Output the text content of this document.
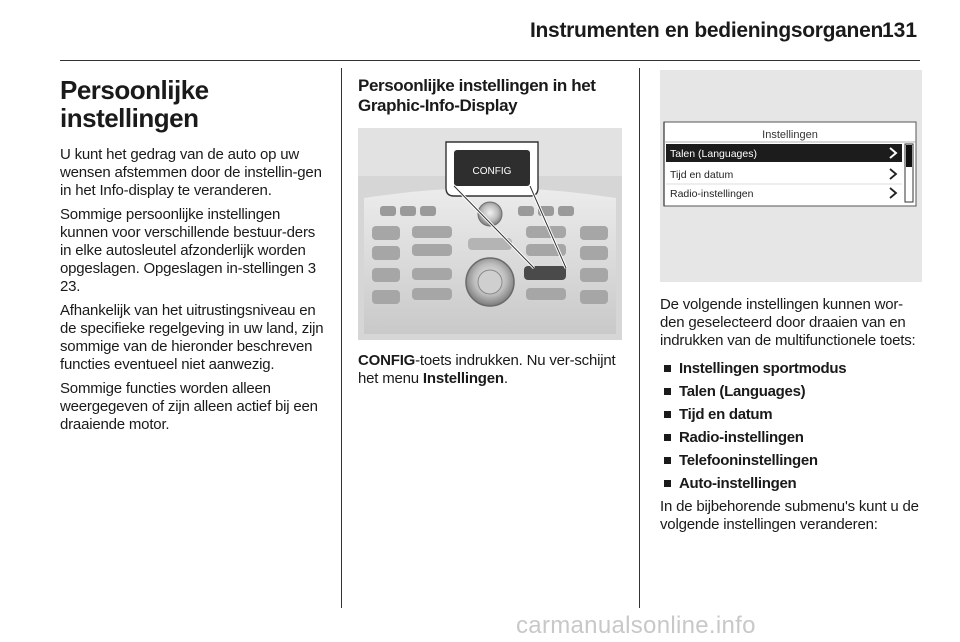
Instrumenten en bedieningsorganen 131
Persoonlijke
instellingen

U kunt het gedrag van de auto op uw wensen afstemmen door de instellin-gen in het Info-display te veranderen.

Sommige persoonlijke instellingen kunnen voor verschillende bestuur-ders in elke autosleutel afzonderlijk worden opgeslagen. Opgeslagen in-stellingen 3 23.

Afhankelijk van het uitrustingsniveau en de specifieke regelgeving in uw land, zijn sommige van de hieronder beschreven functies eventueel niet aanwezig.

Sommige functies worden alleen weergegeven of zijn alleen actief bij een draaiende motor.

Persoonlijke instellingen in het
Graphic-Info-Display
CONFIG

CONFIG-toets indrukken. Nu ver-schijnt het menu Instellingen.

Instellingen
Talen (Languages)
Tijd en datum
Radio-instellingen

De volgende instellingen kunnen wor-den geselecteerd door draaien van en indrukken van de multifunctionele toets:

Instellingen sportmodus
Talen (Languages)
Tijd en datum
Radio-instellingen
Telefooninstellingen
Auto-instellingen

In de bijbehorende submenu's kunt u de volgende instellingen veranderen:

carmanualsonline.info
